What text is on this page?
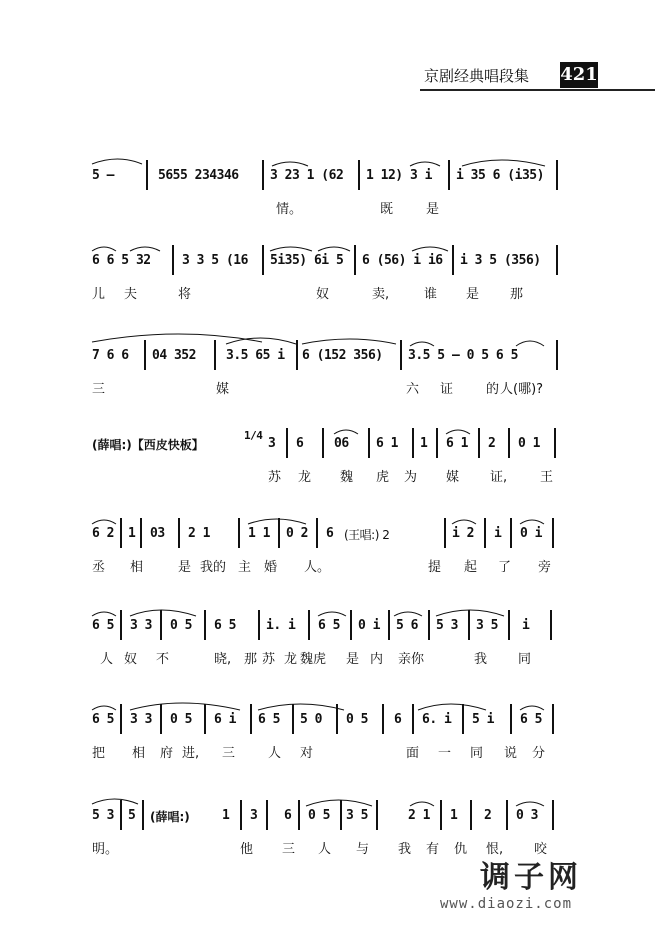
京剧经典唱段集 421
5 –	5655 234346 3 23 1 (62 1 12) 3 i i 35 6 (i35)
情。	既	是
6 6 5 32 3 3 5 (16 5i35) 6i 5 6 (56) i i6 i 3 5 (356)
儿 夫	将	奴	卖,	谁 是 那
7 6 6 04 352 3.5 65 i 6 (152 356) 3.5 5 – 0 5 6 5
三	媒	六 证	的 人(哪)?
(薛唱:)【西皮快板】
1/4
3 6 06 6 1 1 6 1 2 0 1
苏 龙 魏 虎 为 媒 证,	王
6 2 1 03 2 1	1 1 0 2 6 (王唱:) 2	i 2 i 0 i
丞 相	是 我的 主 婚 人。	提 起 了 旁
6 5 3 3 0 5 6 5 i. i 6 5 0 i 5 6 5 3 3 5 i
人 奴 不	晓, 那 苏 龙 魏虎 是 内 亲你	我 同
6 5 3 3 0 5 6 i 6 5 5 0 0 5 6 6. i 5 i 6 5
把 相 府 进, 三	人 对	面 一 同 说 分
5 3 5 (薛唱:) 1 3 6 0 5 3 5	2 1 1 2 0 3
明。	他 三 人 与 我 有 仇 恨, 咬
调子网
www.diaozi.com
